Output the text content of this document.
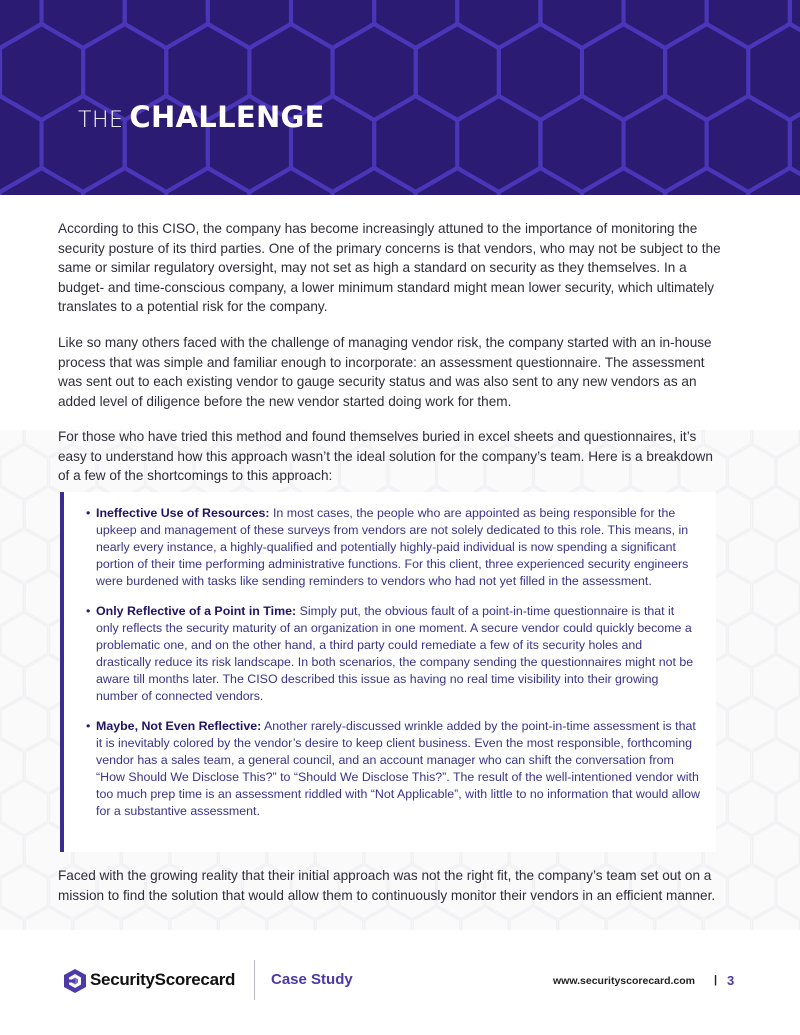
THE CHALLENGE

According to this CISO, the company has become increasingly attuned to the importance of monitoring the security posture of its third parties. One of the primary concerns is that vendors, who may not be subject to the same or similar regulatory oversight, may not set as high a standard on security as they themselves. In a budget- and time-conscious company, a lower minimum standard might mean lower security, which ultimately translates to a potential risk for the company.

Like so many others faced with the challenge of managing vendor risk, the company started with an in-house process that was simple and familiar enough to incorporate: an assessment questionnaire. The assessment was sent out to each existing vendor to gauge security status and was also sent to any new vendors as an added level of diligence before the new vendor started doing work for them.

For those who have tried this method and found themselves buried in excel sheets and questionnaires, it’s easy to understand how this approach wasn’t the ideal solution for the company’s team. Here is a breakdown of a few of the shortcomings to this approach:

• Ineffective Use of Resources: In most cases, the people who are appointed as being responsible for the upkeep and management of these surveys from vendors are not solely dedicated to this role. This means, in nearly every instance, a highly-qualified and potentially highly-paid individual is now spending a significant portion of their time performing administrative functions. For this client, three experienced security engineers were burdened with tasks like sending reminders to vendors who had not yet filled in the assessment.
• Only Reflective of a Point in Time: Simply put, the obvious fault of a point-in-time questionnaire is that it only reflects the security maturity of an organization in one moment. A secure vendor could quickly become a problematic one, and on the other hand, a third party could remediate a few of its security holes and drastically reduce its risk landscape. In both scenarios, the company sending the questionnaires might not be aware till months later. The CISO described this issue as having no real time visibility into their growing number of connected vendors.
• Maybe, Not Even Reflective: Another rarely-discussed wrinkle added by the point-in-time assessment is that it is inevitably colored by the vendor’s desire to keep client business. Even the most responsible, forthcoming vendor has a sales team, a general council, and an account manager who can shift the conversation from “How Should We Disclose This?” to “Should We Disclose This?”. The result of the well-intentioned vendor with too much prep time is an assessment riddled with “Not Applicable”, with little to no information that would allow for a substantive assessment.

Faced with the growing reality that their initial approach was not the right fit, the company’s team set out on a mission to find the solution that would allow them to continuously monitor their vendors in an efficient manner.

SecurityScorecard Case Study	www.securityscorecard.com | 3
